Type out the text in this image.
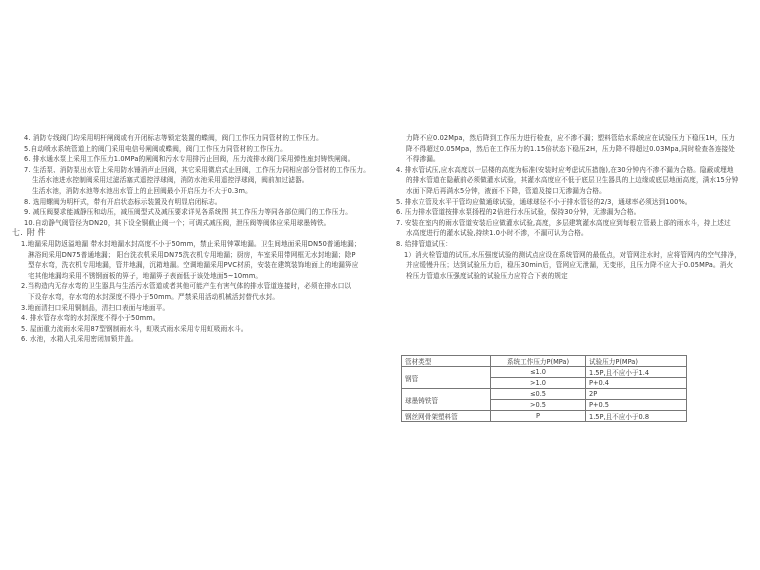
4. 消防专线阀门均采用明杆闸阀或有开闭标志等锁定装置的蝶阀，阀门工作压力同管材的工作压力。

5.自动喷水系统管道上的阀门采用电信号闸阀或蝶阀，阀门工作压力同管材的工作压力。

6. 排水通水泵上采用工作压力1.0MPa的闸阀和污水专用排污止回阀，压力流排水阀门采用弹性座封铸铁闸阀。

7. 生活泵、消防泵出水管上采用防水锤消声止回阀，其它采用微启式止回阀，工作压力同相应部分管材的工作压力。

生活水池进水控制阀采用过滤活塞式遥控浮球阀，消防水池采用遥控浮球阀，阀前加过滤器。

生活水池，消防水池等水池出水管上的止回阀最小开启压力不大于0.3m。

8. 选用螺阀为明杆式，带有开启状态标示装置及有明显启闭标志。

9. 减压阀要求能减静压和动压，减压阀型式及减压要求详见各系统图 其工作压力等同各部位阀门的工作压力。

10.自动静气阀管径为DN20，其下设全铜截止阀一个；可调式减压阀，泄压阀等阀体应采用球墨铸铁。

七. 附 件

1.地漏采用防返溢地漏 带水封地漏水封高度不小于50mm，禁止采用钟罩地漏。卫生间地面采用DN50普通地漏；

淋浴间采用DN75普通地漏； 阳台洗衣机采用DN75洗衣机专用地漏；厨房，车室采用带网框无水封地漏；除P

型存水弯，洗衣机专用地漏，管井地漏，沉箱地漏。空调地漏采用PVC材质，安装在建筑装饰地面上的地漏箅应

宅其他地漏均采用不锈钢面板的箅子，地漏箅子表面低于该处地面5~10mm。

2.当构造内无存水弯的卫生器具与生活污水管道或者其他可能产生有害气体的排水管道连接时，必须在排水口以

下设存水弯，存水弯的水封深度不得小于50mm。严禁采用活动机械活封替代水封。

3.地面清扫口采用铜制品，清扫口表面与地面平。

4. 排水管存水弯的水封深度不得小于50mm。

5. 屋面重力流雨水采用87型钢制雨水斗，虹吸式雨水采用专用虹吸雨水斗。

6. 水池，水箱人孔采用密闭加锁井盖。

力降不应0.02Mpa，然后降到工作压力进行检查，应不渗不漏；塑料管给水系统应在试验压力下稳压1H，压力

降不得超过0.05Mpa，然后在工作压力的1.15倍状态下稳压2H，压力降不得超过0.03Mpa,同时检查各连接处

不得渗漏。

4. 排水管试压,应水高度以一层楼的高度为标准(安装时应考虑试压措施),在30分钟内不渗不漏为合格。隐蔽或埋地

的排水管道在隐蔽前必须做灌水试验，其灌水高度应不低于底层卫生器具的上边缘或底层地面高度，满水15分钟

水面下降后再满水5分钟，液面不下降，管道及接口无渗漏为合格。

5. 排水立管及水平干管均应做通球试验，通球球径不小于排水管径的2/3，通球率必须达到100%。

6. 压力排水管道按排水泵扬程的2倍进行水压试验，保持30分钟，无渗漏为合格。

7. 安装在室内的雨水管道安装后应做灌水试验,高度，多层建筑灌水高度应到每根立管最上部的雨水斗，持上述过

水高度进行的灌水试验,持续1.0小时不渗，不漏可认为合格。

8. 给排管道试压：

1）消火栓管道的试压,水压强度试验的测试点应设在系统管网的最低点，对管网注水时，应将管网内的空气排净，

并应缓慢升压；达到试验压力后，稳压30min后，管网应无泄漏，无变形，且压力降不应大于0.05MPa。消火

栓压力管道水压强度试验的试验压力应符合下表的规定

管材类型	系统工作压力P(MPa)	试验压力P(MPa)
钢管	≤1.0	1.5P,且不应小于1.4
	>1.0	P+0.4
球墨铸铁管	≤0.5	2P
	>0.5	P+0.5
钢丝网骨架塑料管	P	1.5P,且不应小于0.8
